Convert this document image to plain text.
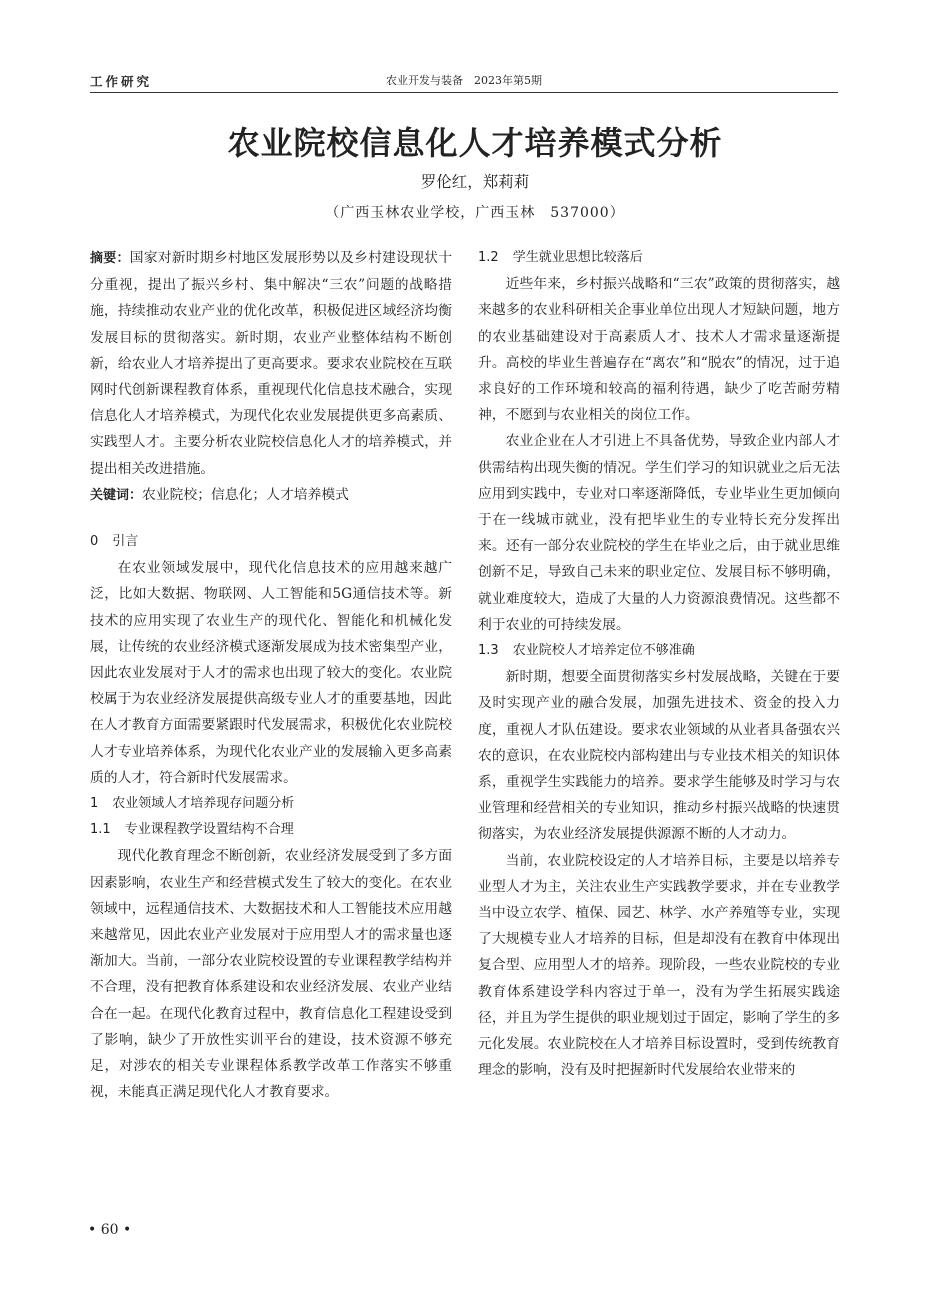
工作研究	农业开发与装备　2023年第5期
农业院校信息化人才培养模式分析
罗伦红，郑莉莉
（广西玉林农业学校，广西玉林　537000）

摘要：国家对新时期乡村地区发展形势以及乡村建设现状十分重视，提出了振兴乡村、集中解决“三农”问题的战略措施，持续推动农业产业的优化改革，积极促进区域经济均衡发展目标的贯彻落实。新时期，农业产业整体结构不断创新，给农业人才培养提出了更高要求。要求农业院校在互联网时代创新课程教育体系，重视现代化信息技术融合，实现信息化人才培养模式，为现代化农业发展提供更多高素质、实践型人才。主要分析农业院校信息化人才的培养模式，并提出相关改进措施。

关键词：农业院校；信息化；人才培养模式

0 引言

在农业领域发展中，现代化信息技术的应用越来越广泛，比如大数据、物联网、人工智能和5G通信技术等。新技术的应用实现了农业生产的现代化、智能化和机械化发展，让传统的农业经济模式逐渐发展成为技术密集型产业，因此农业发展对于人才的需求也出现了较大的变化。农业院校属于为农业经济发展提供高级专业人才的重要基地，因此在人才教育方面需要紧跟时代发展需求，积极优化农业院校人才专业培养体系，为现代化农业产业的发展输入更多高素质的人才，符合新时代发展需求。

1 农业领域人才培养现存问题分析
1.1 专业课程教学设置结构不合理

现代化教育理念不断创新，农业经济发展受到了多方面因素影响，农业生产和经营模式发生了较大的变化。在农业领域中，远程通信技术、大数据技术和人工智能技术应用越来越常见，因此农业产业发展对于应用型人才的需求量也逐渐加大。当前，一部分农业院校设置的专业课程教学结构并不合理，没有把教育体系建设和农业经济发展、农业产业结合在一起。在现代化教育过程中，教育信息化工程建设受到了影响，缺少了开放性实训平台的建设，技术资源不够充足，对涉农的相关专业课程体系教学改革工作落实不够重视，未能真正满足现代化人才教育要求。

1.2 学生就业思想比较落后

近些年来，乡村振兴战略和“三农”政策的贯彻落实，越来越多的农业科研相关企事业单位出现人才短缺问题，地方的农业基础建设对于高素质人才、技术人才需求量逐渐提升。高校的毕业生普遍存在“离农”和“脱农”的情况，过于追求良好的工作环境和较高的福利待遇，缺少了吃苦耐劳精神，不愿到与农业相关的岗位工作。

农业企业在人才引进上不具备优势，导致企业内部人才供需结构出现失衡的情况。学生们学习的知识就业之后无法应用到实践中，专业对口率逐渐降低，专业毕业生更加倾向于在一线城市就业，没有把毕业生的专业特长充分发挥出来。还有一部分农业院校的学生在毕业之后，由于就业思维创新不足，导致自己未来的职业定位、发展目标不够明确，就业难度较大，造成了大量的人力资源浪费情况。这些都不利于农业的可持续发展。

1.3 农业院校人才培养定位不够准确

新时期，想要全面贯彻落实乡村发展战略，关键在于要及时实现产业的融合发展，加强先进技术、资金的投入力度，重视人才队伍建设。要求农业领域的从业者具备强农兴农的意识，在农业院校内部构建出与专业技术相关的知识体系，重视学生实践能力的培养。要求学生能够及时学习与农业管理和经营相关的专业知识，推动乡村振兴战略的快速贯彻落实，为农业经济发展提供源源不断的人才动力。

当前，农业院校设定的人才培养目标，主要是以培养专业型人才为主，关注农业生产实践教学要求，并在专业教学当中设立农学、植保、园艺、林学、水产养殖等专业，实现了大规模专业人才培养的目标，但是却没有在教育中体现出复合型、应用型人才的培养。现阶段，一些农业院校的专业教育体系建设学科内容过于单一，没有为学生拓展实践途径，并且为学生提供的职业规划过于固定，影响了学生的多元化发展。农业院校在人才培养目标设置时，受到传统教育理念的影响，没有及时把握新时代发展给农业带来的

• 60 •
